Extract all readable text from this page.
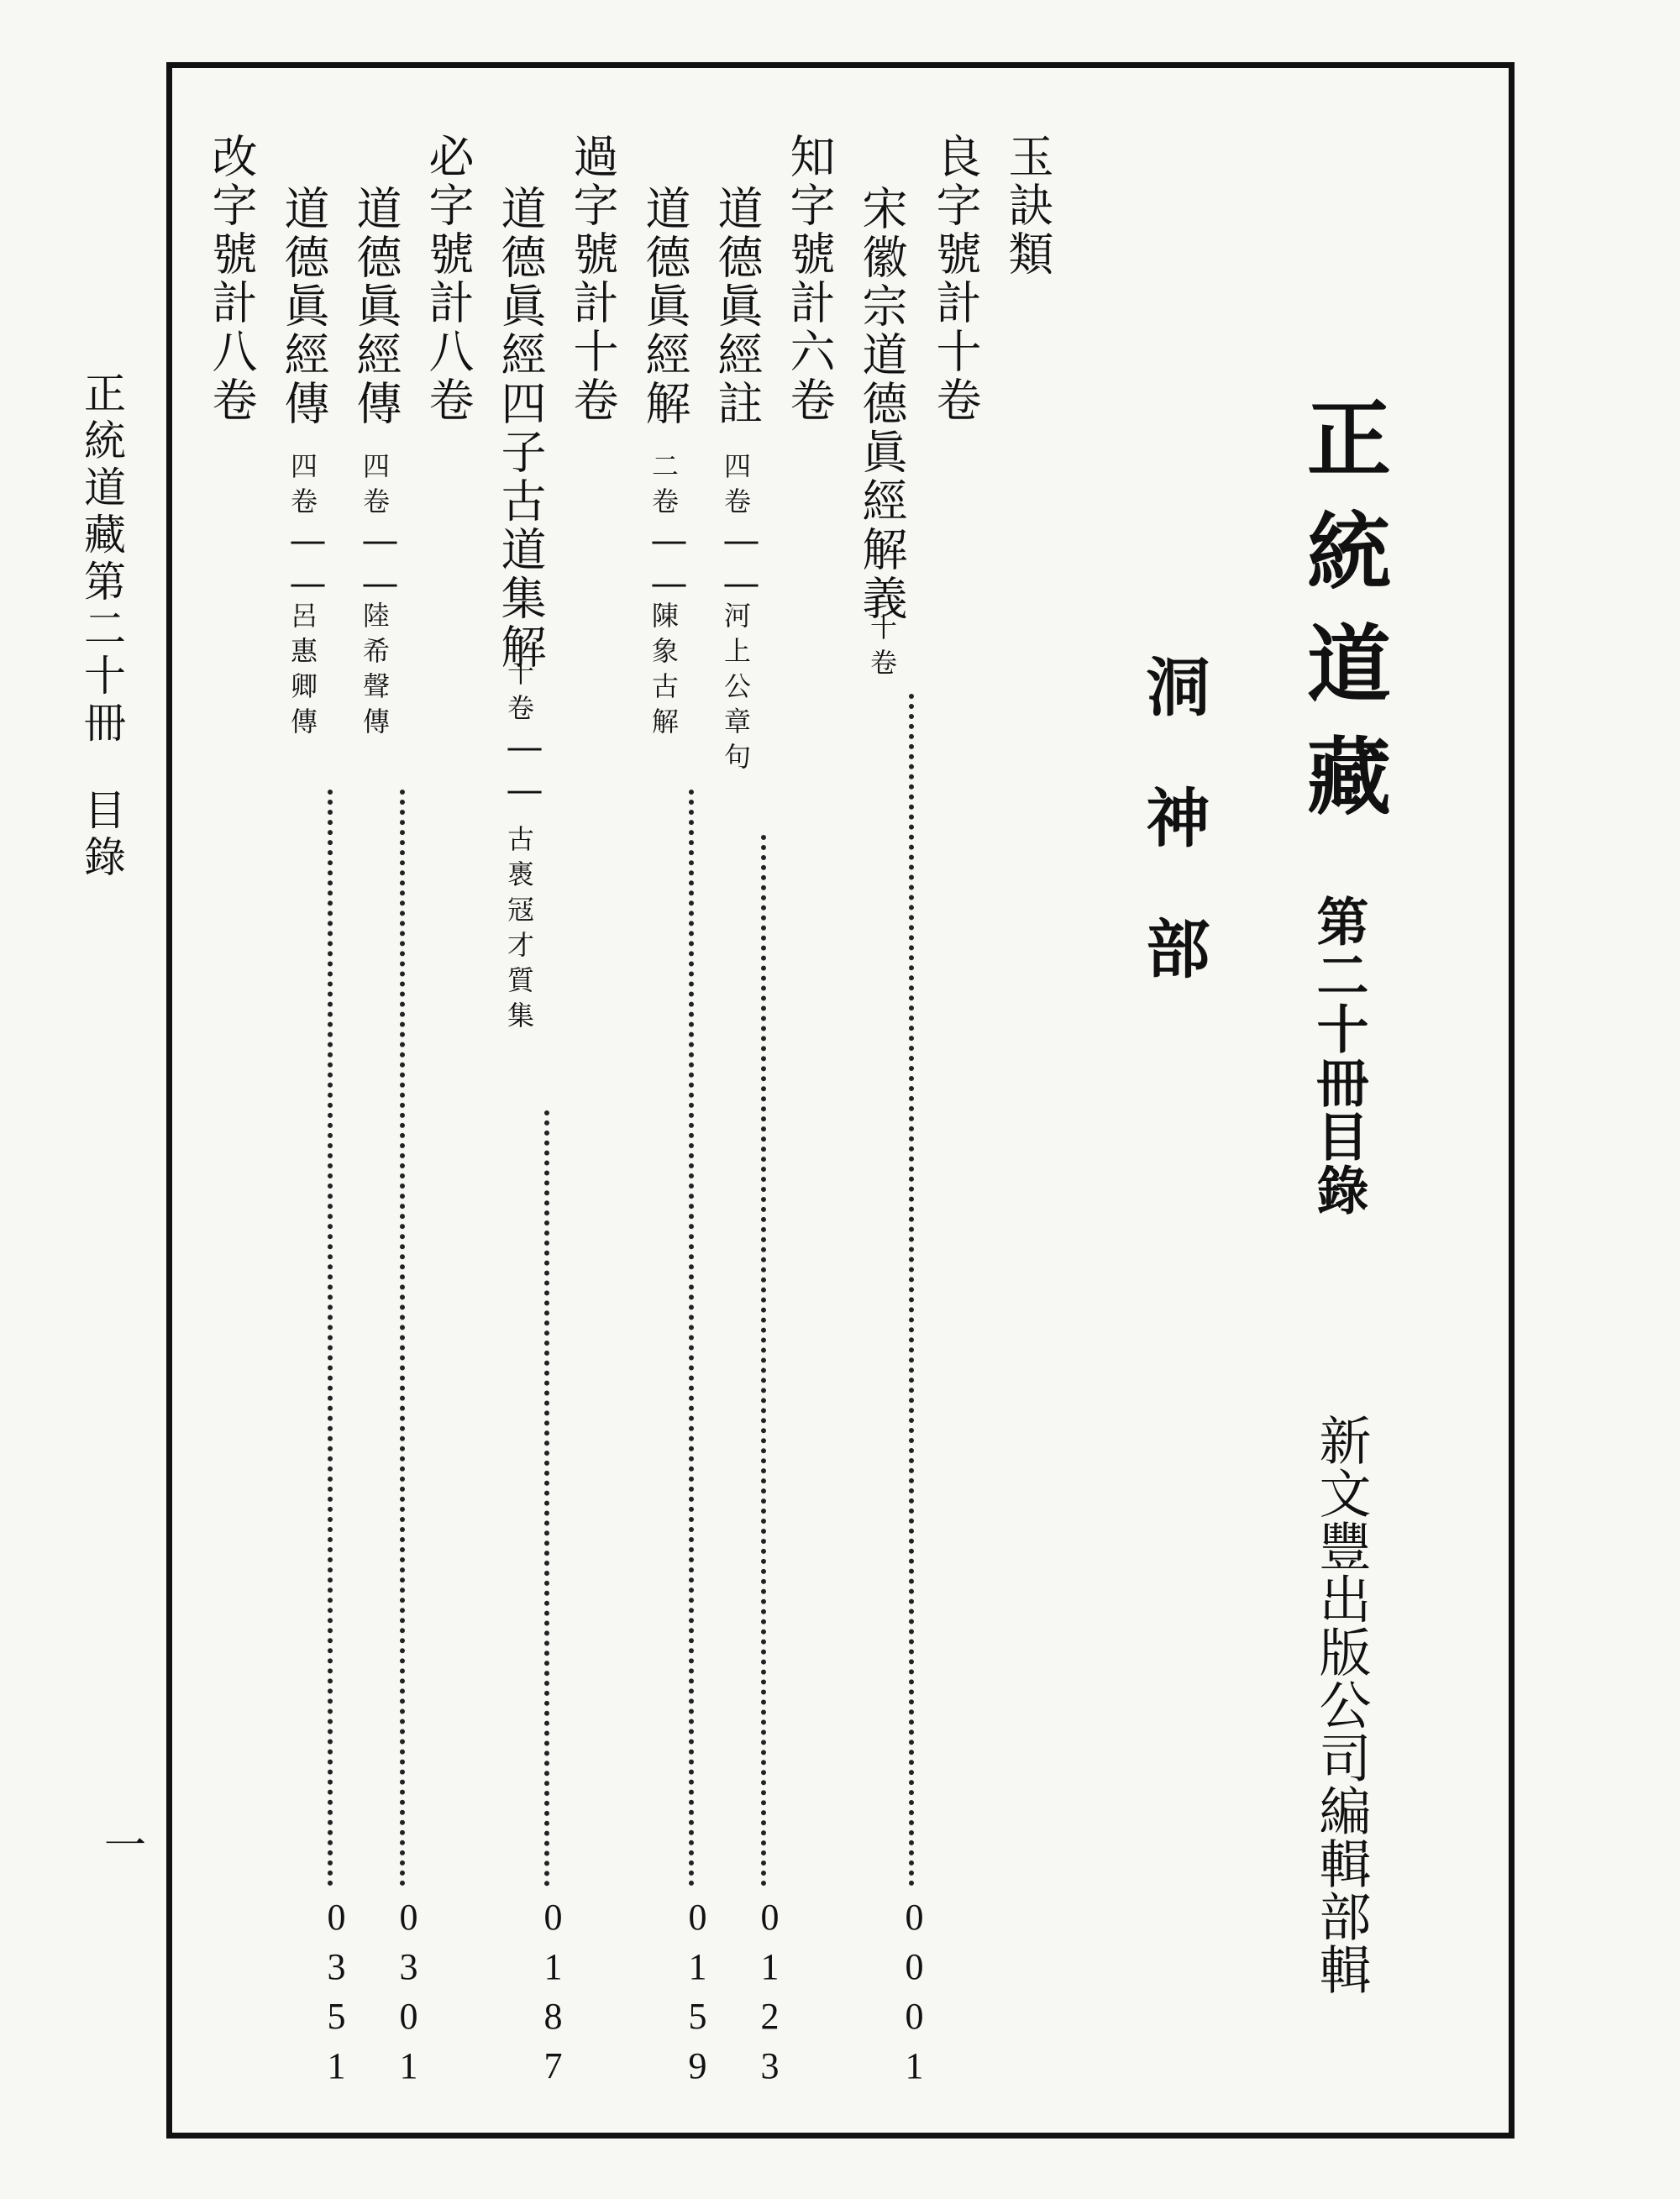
正統道藏第二十冊
目錄
一
正統道藏
第二十冊目錄
洞神部
新文豐出版公司編輯部輯
玉訣類
良字號計十卷
宋徽宗道德眞經解義
十卷
0001
知字號計六卷
道德眞經註
四卷
——
河上公章句
0123
道德眞經解
二卷
——
陳象古解
0159
過字號計十卷
道德眞經四子古道集解
十卷
——
古褭冦才質集
0187
必字號計八卷
道德眞經傳
四卷
——
陸希聲傳
0301
道德眞經傳
四卷
——
呂惠卿傳
0351
改字號計八卷
